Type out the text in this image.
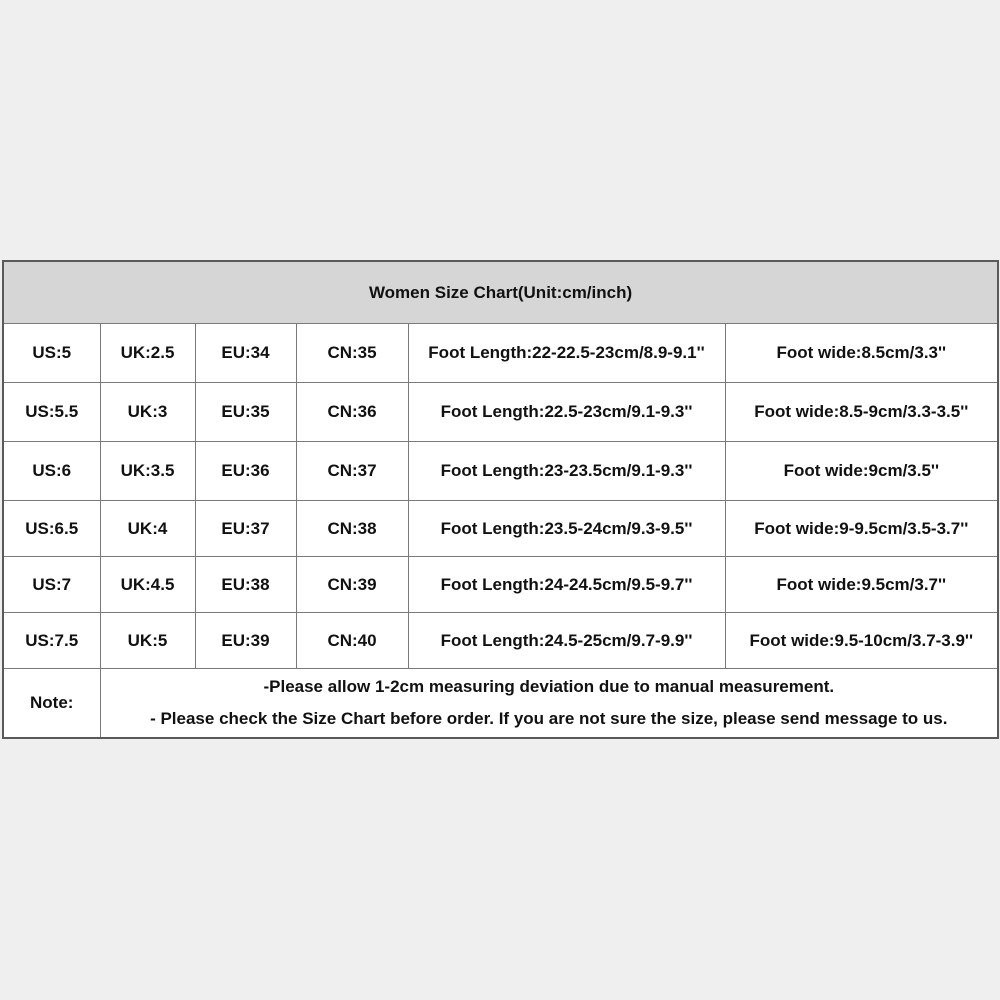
Women Size Chart(Unit:cm/inch)					
US:5	UK:2.5	EU:34	CN:35	Foot Length:22-22.5-23cm/8.9-9.1''	Foot wide:8.5cm/3.3''
US:5.5	UK:3	EU:35	CN:36	Foot Length:22.5-23cm/9.1-9.3''	Foot wide:8.5-9cm/3.3-3.5''
US:6	UK:3.5	EU:36	CN:37	Foot Length:23-23.5cm/9.1-9.3''	Foot wide:9cm/3.5''
US:6.5	UK:4	EU:37	CN:38	Foot Length:23.5-24cm/9.3-9.5''	Foot wide:9-9.5cm/3.5-3.7''
US:7	UK:4.5	EU:38	CN:39	Foot Length:24-24.5cm/9.5-9.7''	Foot wide:9.5cm/3.7''
US:7.5	UK:5	EU:39	CN:40	Foot Length:24.5-25cm/9.7-9.9''	Foot wide:9.5-10cm/3.7-3.9''
Note:	-Please allow 1-2cm measuring deviation due to manual measurement.
- Please check the Size Chart before order. If you are not sure the size, please send message to us.				
